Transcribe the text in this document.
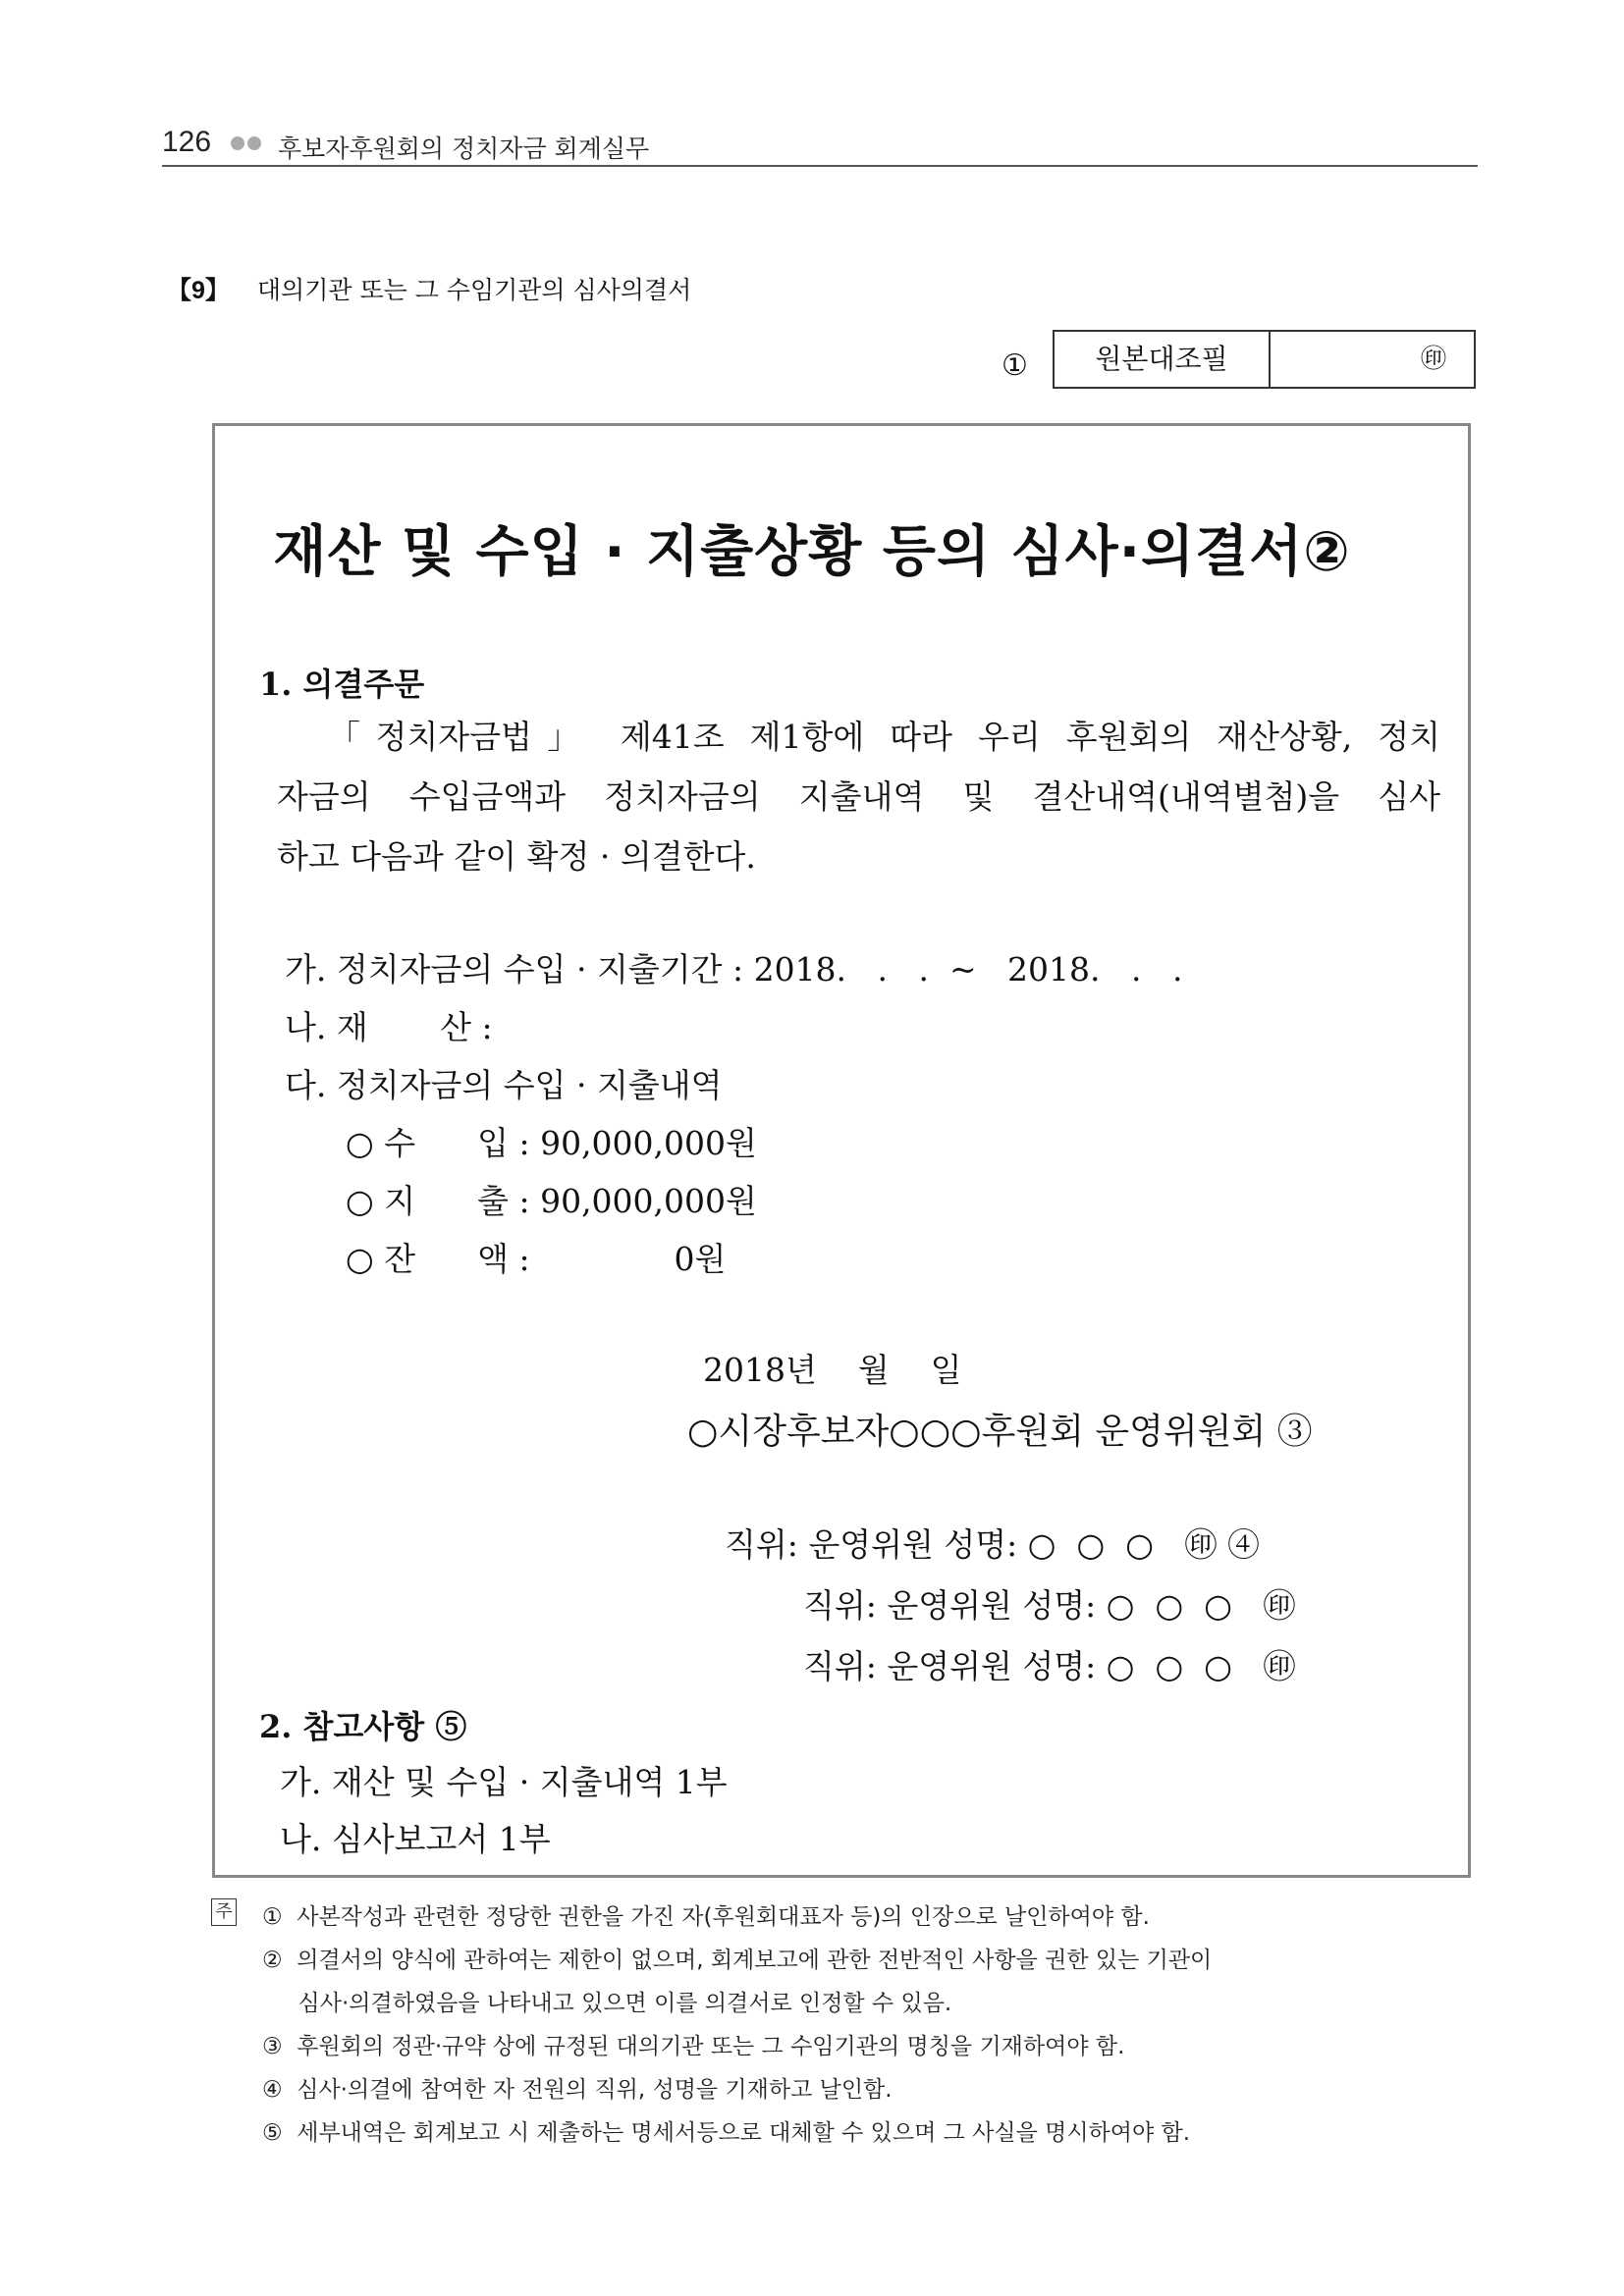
126	후보자후원회의 정치자금 회계실무
【9】 대의기관 또는 그 수임기관의 심사의결서
①	원본대조필	㊞
재산 및 수입 · 지출상황 등의 심사·의결서②
1. 의결주문
「정치자금법」 제41조 제1항에 따라 우리 후원회의 재산상황, 정치
자금의 수입금액과 정치자금의 지출내역 및 결산내역(내역별첨)을 심사
하고 다음과 같이 확정 · 의결한다.
가. 정치자금의 수입 · 지출기간 : 2018.   .   .  ~   2018.   .   .
나. 재       산 :
다. 정치자금의 수입 · 지출내역
○ 수      입 : 90,000,000원
○ 지      출 : 90,000,000원
○ 잔      액 :              0원
2018년    월    일
○시장후보자○○○후원회 운영위원회 ③
직위: 운영위원 성명: ○  ○  ○   ㊞ ④
직위: 운영위원 성명: ○  ○  ○   ㊞
직위: 운영위원 성명: ○  ○  ○   ㊞
2. 참고사항 ⑤
가. 재산 및 수입 · 지출내역 1부
나. 심사보고서 1부
주 ①  사본작성과 관련한 정당한 권한을 가진 자(후원회대표자 등)의 인장으로 날인하여야 함.
②  의결서의 양식에 관하여는 제한이 없으며, 회계보고에 관한 전반적인 사항을 권한 있는 기관이
심사·의결하였음을 나타내고 있으면 이를 의결서로 인정할 수 있음.
③  후원회의 정관·규약 상에 규정된 대의기관 또는 그 수임기관의 명칭을 기재하여야 함.
④  심사·의결에 참여한 자 전원의 직위, 성명을 기재하고 날인함.
⑤  세부내역은 회계보고 시 제출하는 명세서등으로 대체할 수 있으며 그 사실을 명시하여야 함.
